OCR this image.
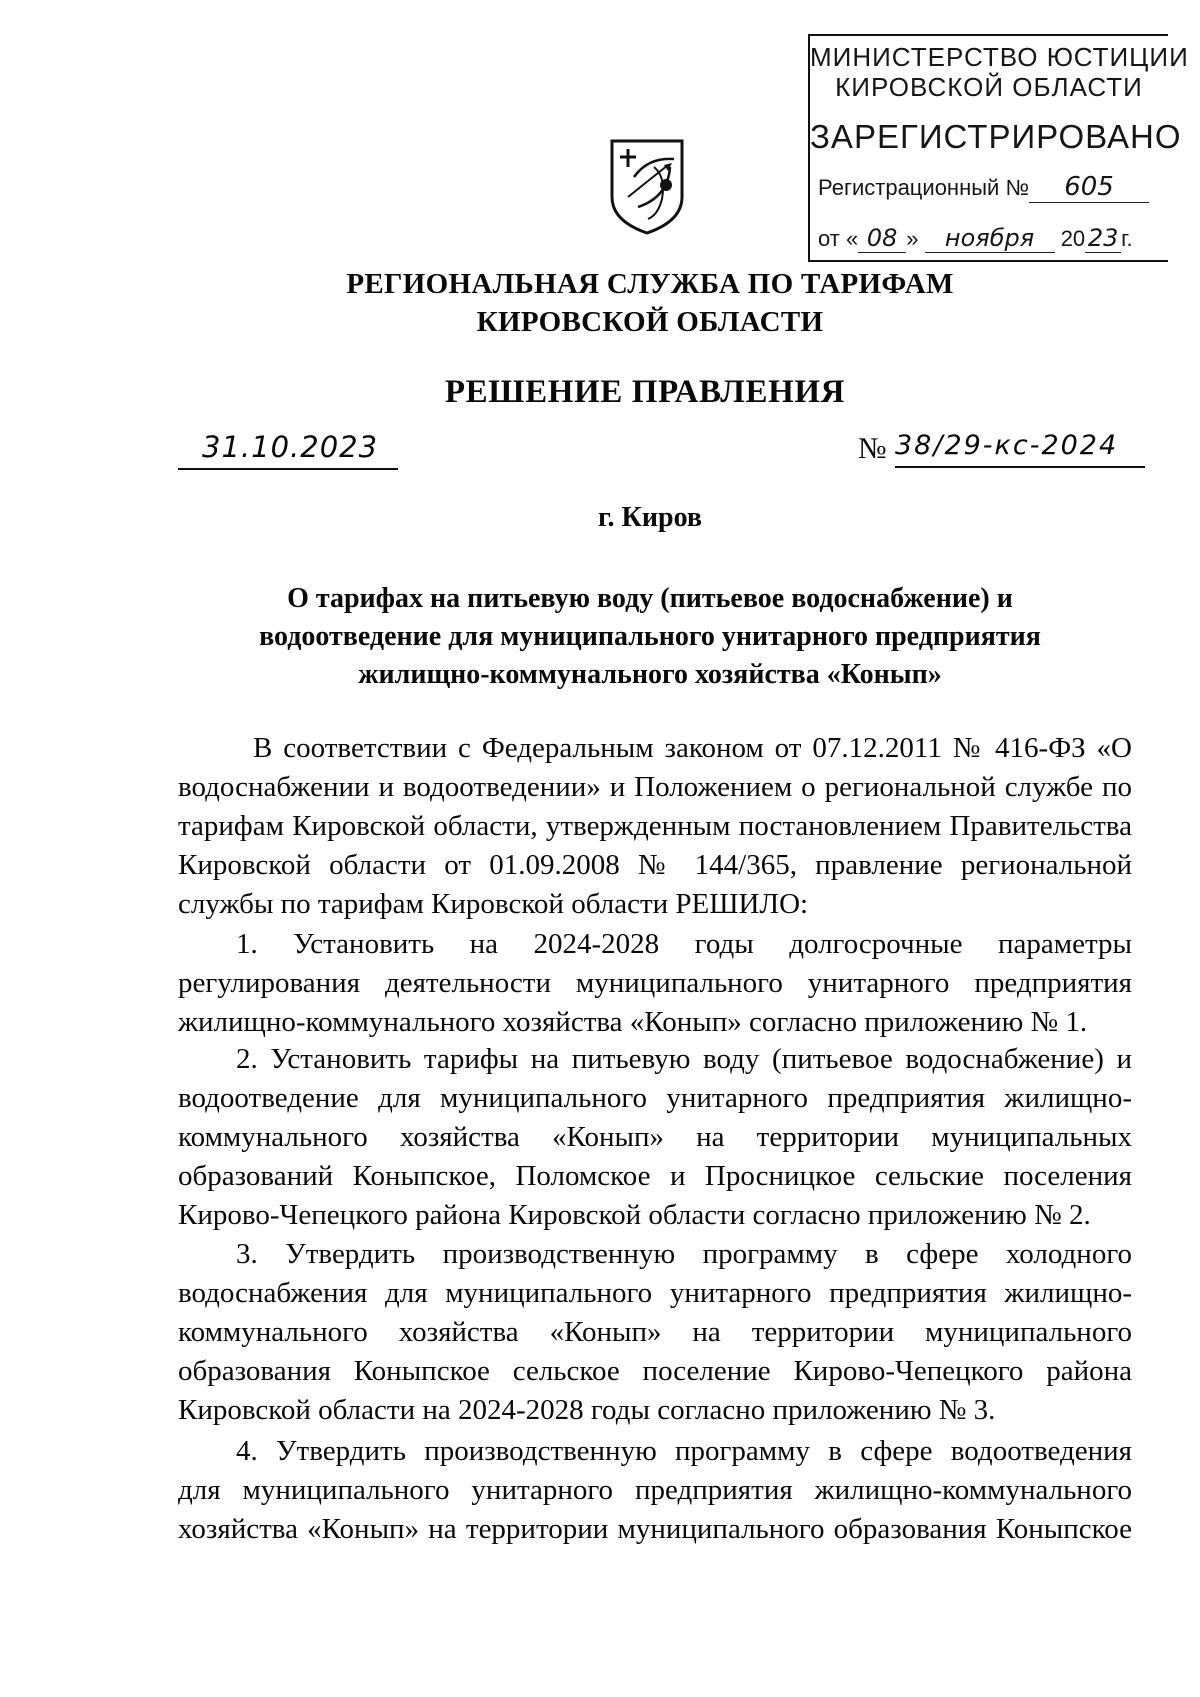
МИНИСТЕРСТВО ЮСТИЦИИ
КИРОВСКОЙ ОБЛАСТИ
ЗАРЕГИСТРИРОВАНО
Регистрационный № 605
от « 08 » ноября 20 23 г.
РЕГИОНАЛЬНАЯ СЛУЖБА ПО ТАРИФАМ
КИРОВСКОЙ ОБЛАСТИ
РЕШЕНИЕ ПРАВЛЕНИЯ
31.10.2023	№ 38/29-кс-2024
г. Киров
О тарифах на питьевую воду (питьевое водоснабжение) и
водоотведение для муниципального унитарного предприятия
жилищно-коммунального хозяйства «Конып»
В соответствии с Федеральным законом от 07.12.2011 № 416-ФЗ «О
водоснабжении и водоотведении» и Положением о региональной службе по
тарифам Кировской области, утвержденным постановлением Правительства
Кировской области от 01.09.2008 № 144/365, правление региональной
службы по тарифам Кировской области РЕШИЛО:
1. Установить на 2024-2028 годы долгосрочные параметры
регулирования деятельности муниципального унитарного предприятия
жилищно-коммунального хозяйства «Конып» согласно приложению № 1.
2. Установить тарифы на питьевую воду (питьевое водоснабжение) и
водоотведение для муниципального унитарного предприятия жилищно-
коммунального хозяйства «Конып» на территории муниципальных
образований Коныпское, Поломское и Просницкое сельские поселения
Кирово-Чепецкого района Кировской области согласно приложению № 2.
3. Утвердить производственную программу в сфере холодного
водоснабжения для муниципального унитарного предприятия жилищно-
коммунального хозяйства «Конып» на территории муниципального
образования Коныпское сельское поселение Кирово-Чепецкого района
Кировской области на 2024-2028 годы согласно приложению № 3.
4. Утвердить производственную программу в сфере водоотведения
для муниципального унитарного предприятия жилищно-коммунального
хозяйства «Конып» на территории муниципального образования Коныпское
